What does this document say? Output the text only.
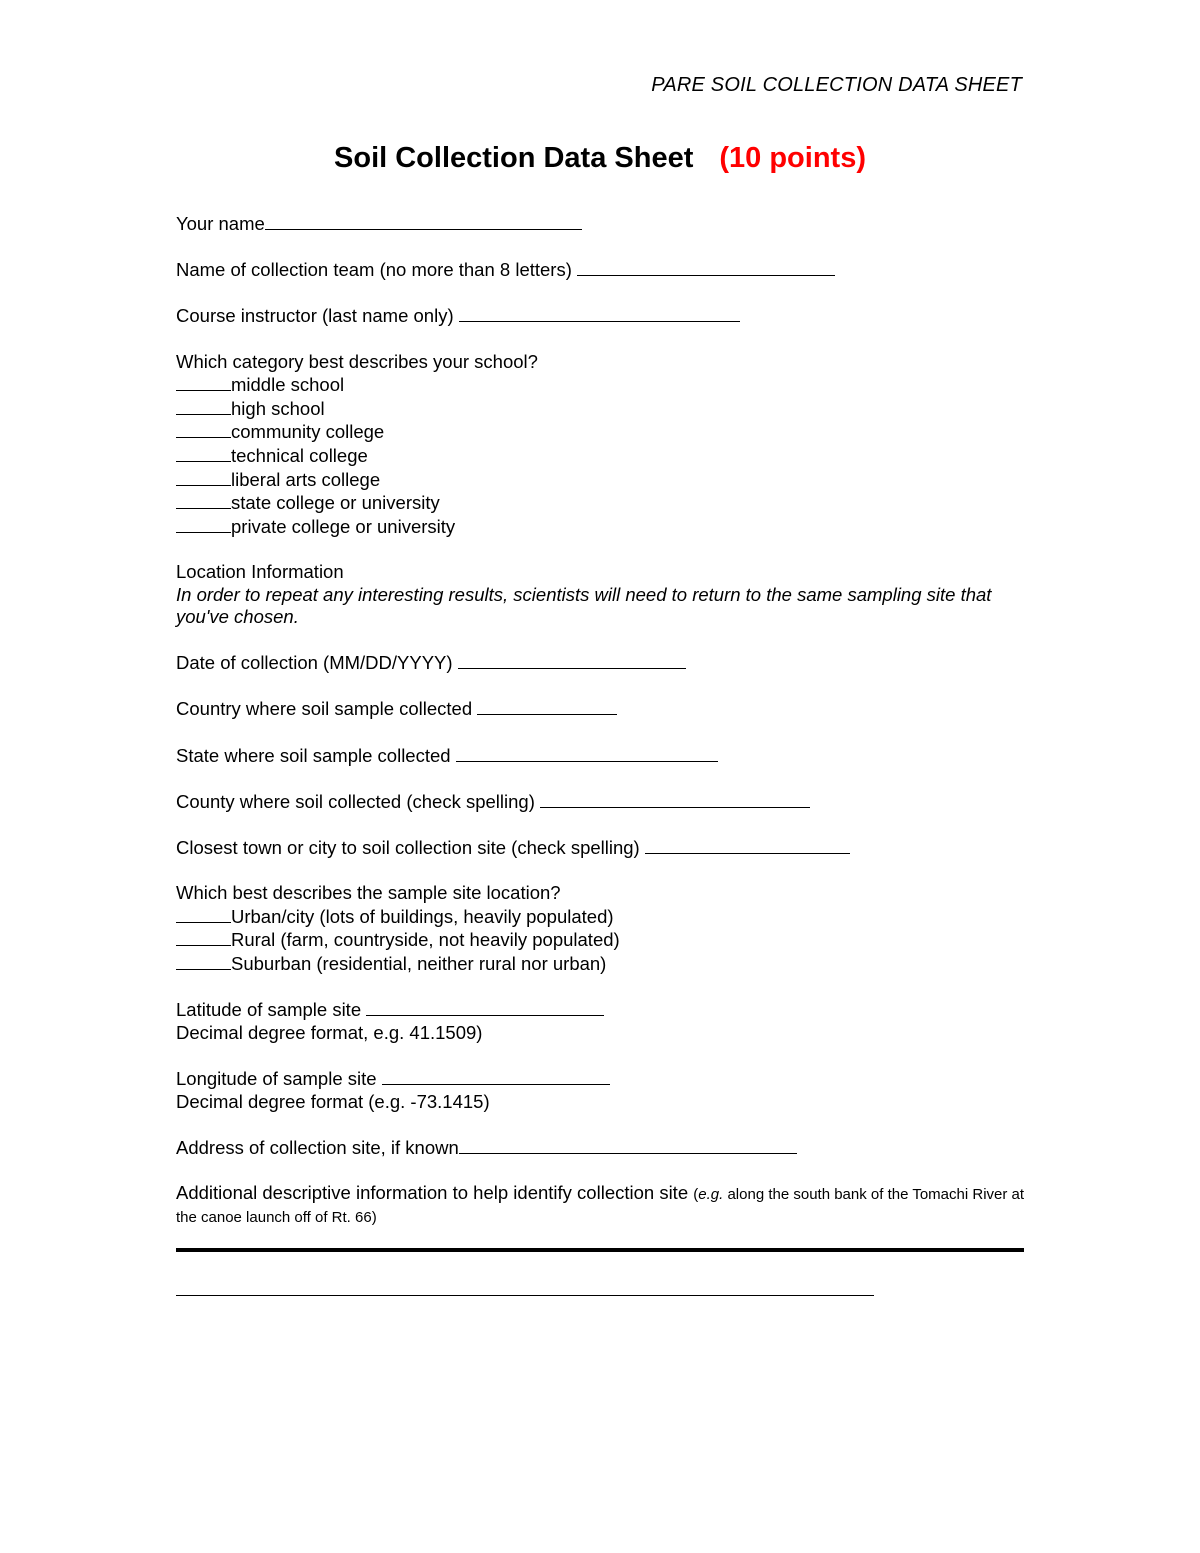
PARE SOIL COLLECTION DATA SHEET
Soil Collection Data Sheet (10 points)

Your name

Name of collection team (no more than 8 letters)

Course instructor (last name only)

Which category best describes your school?

middle school

high school

community college

technical college

liberal arts college

state college or university

private college or university

Location Information

In order to repeat any interesting results, scientists will need to return to the same sampling site that you've chosen.

Date of collection (MM/DD/YYYY)

Country where soil sample collected

State where soil sample collected

County where soil collected (check spelling)

Closest town or city to soil collection site (check spelling)

Which best describes the sample site location?

Urban/city (lots of buildings, heavily populated)

Rural (farm, countryside, not heavily populated)

Suburban (residential, neither rural nor urban)

Latitude of sample site

Decimal degree format, e.g. 41.1509)

Longitude of sample site

Decimal degree format (e.g. -73.1415)

Address of collection site, if known

Additional descriptive information to help identify collection site (e.g. along the south bank of the Tomachi River at the canoe launch off of Rt. 66)
